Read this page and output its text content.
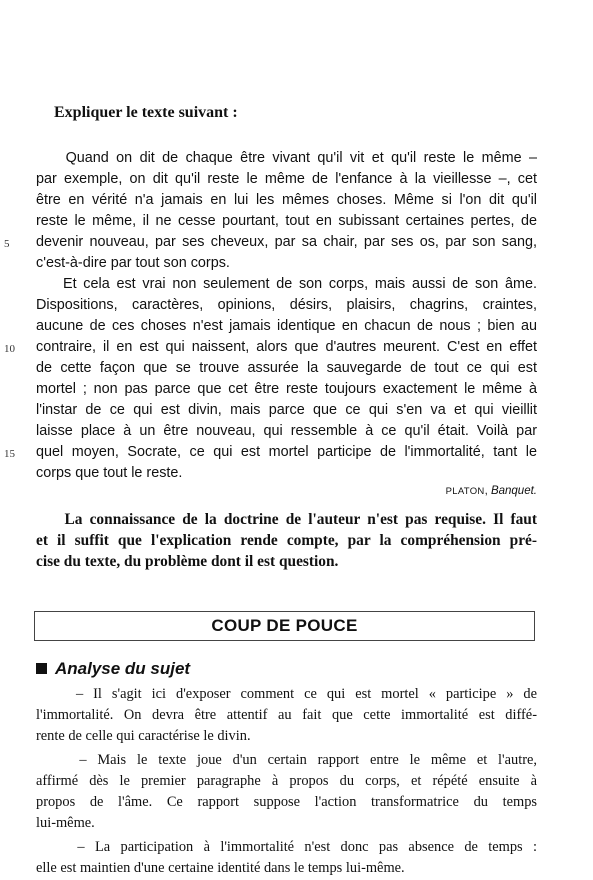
Expliquer le texte suivant :
Quand on dit de chaque être vivant qu'il vit et qu'il reste le même –
par exemple, on dit qu'il reste le même de l'enfance à la vieillesse –, cet
être en vérité n'a jamais en lui les mêmes choses. Même si l'on dit qu'il
reste le même, il ne cesse pourtant, tout en subissant certaines pertes, de
devenir nouveau, par ses cheveux, par sa chair, par ses os, par son sang,
c'est-à-dire par tout son corps.
Et cela est vrai non seulement de son corps, mais aussi de son âme.
Dispositions, caractères, opinions, désirs, plaisirs, chagrins, craintes,
aucune de ces choses n'est jamais identique en chacun de nous ; bien au
contraire, il en est qui naissent, alors que d'autres meurent. C'est en effet
de cette façon que se trouve assurée la sauvegarde de tout ce qui est
mortel ; non pas parce que cet être reste toujours exactement le même à
l'instar de ce qui est divin, mais parce que ce qui s'en va et qui vieillit
laisse place à un être nouveau, qui ressemble à ce qu'il était. Voilà par
quel moyen, Socrate, ce qui est mortel participe de l'immortalité, tant le
corps que tout le reste.
5
10
15
PLATON, Banquet.
La connaissance de la doctrine de l'auteur n'est pas requise. Il faut
et il suffit que l'explication rende compte, par la compréhension pré-
cise du texte, du problème dont il est question.
COUP DE POUCE
Analyse du sujet
– Il s'agit ici d'exposer comment ce qui est mortel « participe » de
l'immortalité. On devra être attentif au fait que cette immortalité est diffé-
rente de celle qui caractérise le divin.
– Mais le texte joue d'un certain rapport entre le même et l'autre,
affirmé dès le premier paragraphe à propos du corps, et répété ensuite à
propos de l'âme. Ce rapport suppose l'action transformatrice du temps
lui-même.
– La participation à l'immortalité n'est donc pas absence de temps :
elle est maintien d'une certaine identité dans le temps lui-même.
